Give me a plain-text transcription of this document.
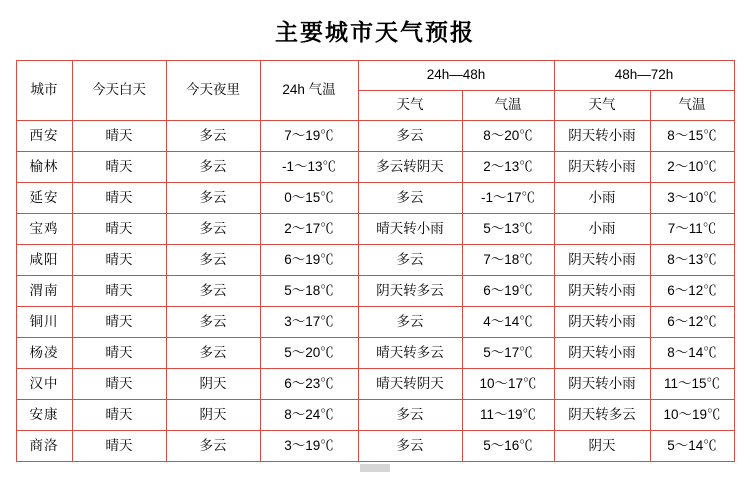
主要城市天气预报
城市	今天白天	今天夜里	24h 气温	24h—48h		48h—72h	
				天气	气温	天气	气温
西安	晴天	多云	7～19℃	多云	8～20℃	阴天转小雨	8～15℃
榆林	晴天	多云	-1～13℃	多云转阴天	2～13℃	阴天转小雨	2～10℃
延安	晴天	多云	0～15℃	多云	-1～17℃	小雨	3～10℃
宝鸡	晴天	多云	2～17℃	晴天转小雨	5～13℃	小雨	7～11℃
咸阳	晴天	多云	6～19℃	多云	7～18℃	阴天转小雨	8～13℃
渭南	晴天	多云	5～18℃	阴天转多云	6～19℃	阴天转小雨	6～12℃
铜川	晴天	多云	3～17℃	多云	4～14℃	阴天转小雨	6～12℃
杨凌	晴天	多云	5～20℃	晴天转多云	5～17℃	阴天转小雨	8～14℃
汉中	晴天	阴天	6～23℃	晴天转阴天	10～17℃	阴天转小雨	11～15℃
安康	晴天	阴天	8～24℃	多云	11～19℃	阴天转多云	10～19℃
商洛	晴天	多云	3～19℃	多云	5～16℃	阴天	5～14℃
